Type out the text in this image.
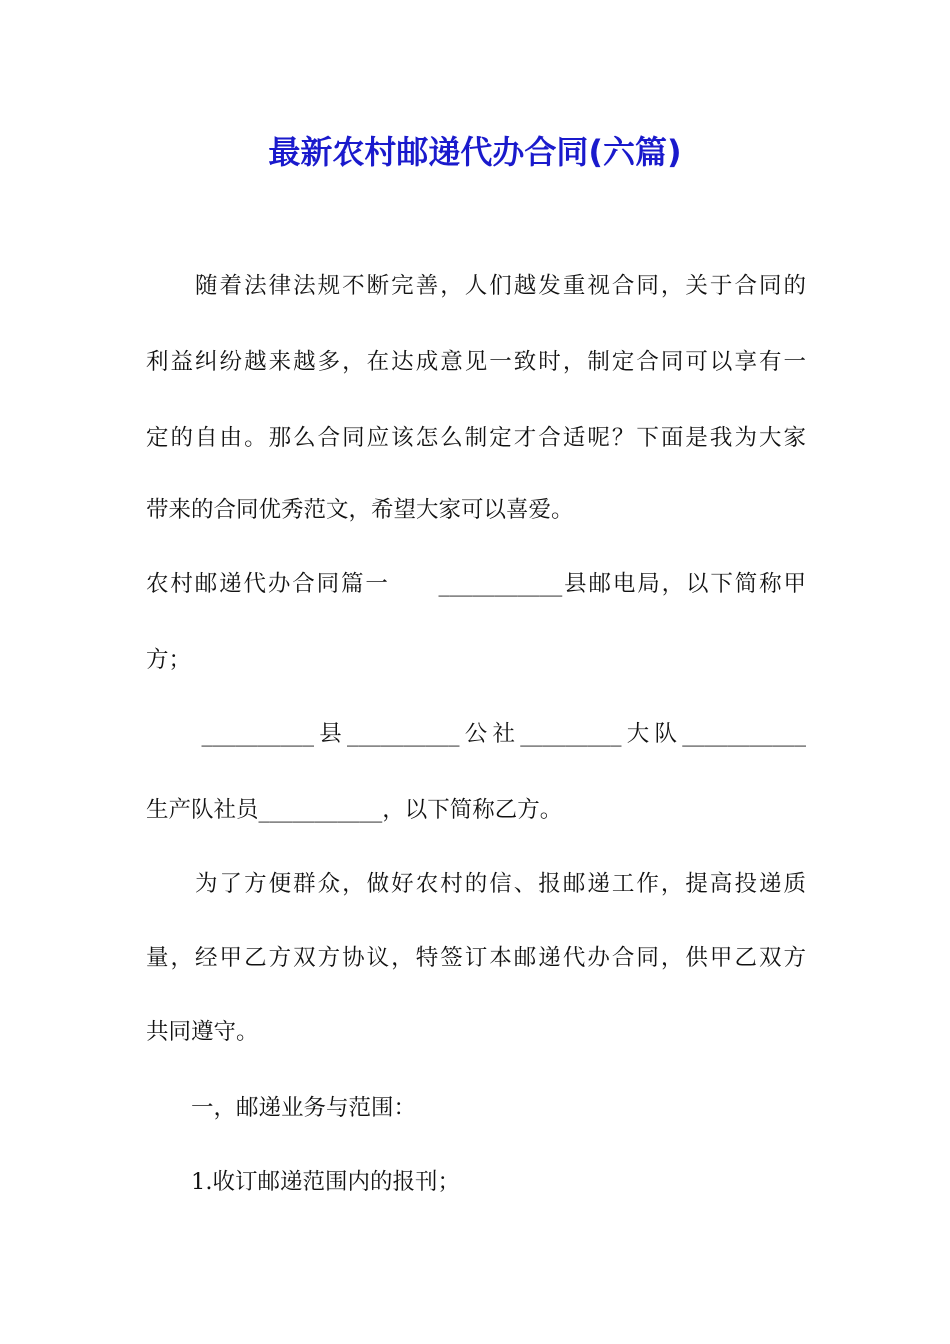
最新农村邮递代办合同(六篇)

　　随着法律法规不断完善，人们越发重视合同，关于合同的

利益纠纷越来越多，在达成意见一致时，制定合同可以享有一

定的自由。那么合同应该怎么制定才合适呢？下面是我为大家

带来的合同优秀范文，希望大家可以喜爱。

农村邮递代办合同篇一　　___________县邮电局，以下简称甲

方；

　　__________县__________公社_________大队___________

生产队社员___________，以下简称乙方。

　　为了方便群众，做好农村的信、报邮递工作，提高投递质

量，经甲乙方双方协议，特签订本邮递代办合同，供甲乙双方

共同遵守。

　　一，邮递业务与范围：

　　1.收订邮递范围内的报刊；
